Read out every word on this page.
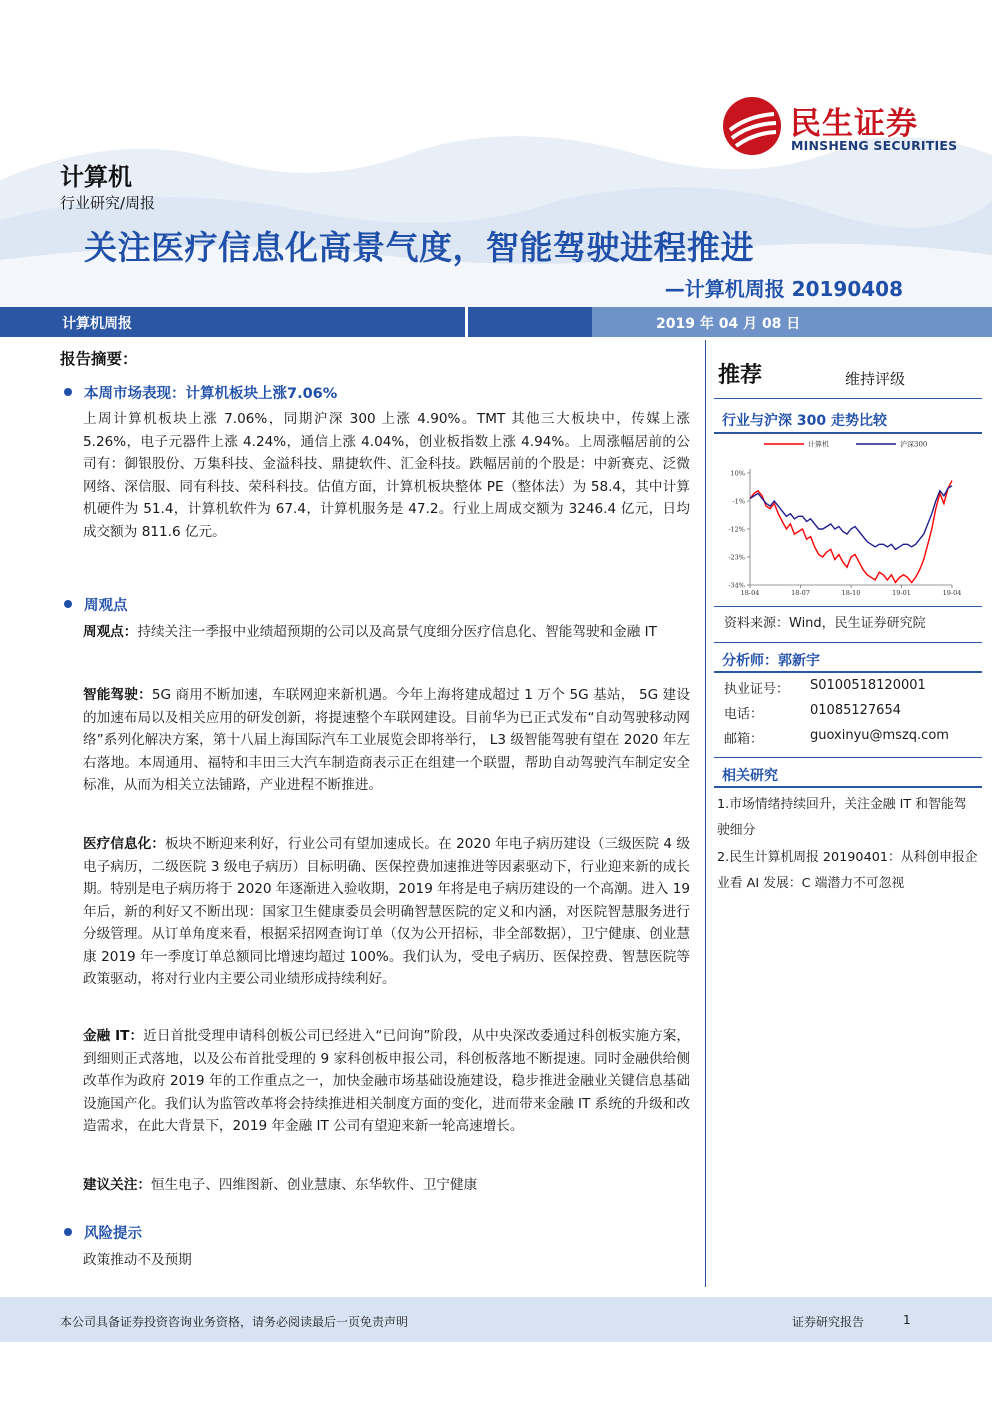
民生证券
MINSHENG SECURITIES
计算机
行业研究/周报
关注医疗信息化高景气度，智能驾驶进程推进
—计算机周报 20190408
计算机周报	2019 年 04 月 08 日
报告摘要：
本周市场表现：计算机板块上涨7.06%
上周计算机板块上涨 7.06%，同期沪深 300 上涨 4.90%。TMT 其他三大板块中，传媒上涨 5.26%，电子元器件上涨 4.24%，通信上涨 4.04%，创业板指数上涨 4.94%。上周涨幅居前的公司有：御银股份、万集科技、金溢科技、鼎捷软件、汇金科技。跌幅居前的个股是：中新赛克、泛微网络、深信服、同有科技、荣科科技。估值方面，计算机板块整体 PE（整体法）为 58.4，其中计算机硬件为 51.4，计算机软件为 67.4，计算机服务是 47.2。行业上周成交额为 3246.4 亿元，日均成交额为 811.6 亿元。
周观点
周观点：持续关注一季报中业绩超预期的公司以及高景气度细分医疗信息化、智能驾驶和金融 IT
智能驾驶：5G 商用不断加速，车联网迎来新机遇。今年上海将建成超过 1 万个 5G 基站， 5G 建设的加速布局以及相关应用的研发创新，将提速整个车联网建设。目前华为已正式发布“自动驾驶移动网络”系列化解决方案，第十八届上海国际汽车工业展览会即将举行， L3 级智能驾驶有望在 2020 年左右落地。本周通用、福特和丰田三大汽车制造商表示正在组建一个联盟，帮助自动驾驶汽车制定安全标准，从而为相关立法铺路，产业进程不断推进。
医疗信息化：板块不断迎来利好，行业公司有望加速成长。在 2020 年电子病历建设（三级医院 4 级电子病历，二级医院 3 级电子病历）目标明确、医保控费加速推进等因素驱动下，行业迎来新的成长期。特别是电子病历将于 2020 年逐渐进入验收期，2019 年将是电子病历建设的一个高潮。进入 19 年后，新的利好又不断出现：国家卫生健康委员会明确智慧医院的定义和内涵，对医院智慧服务进行分级管理。从订单角度来看，根据采招网查询订单（仅为公开招标，非全部数据），卫宁健康、创业慧康 2019 年一季度订单总额同比增速均超过 100%。我们认为，受电子病历、医保控费、智慧医院等政策驱动，将对行业内主要公司业绩形成持续利好。
金融 IT：近日首批受理申请科创板公司已经进入“已问询”阶段，从中央深改委通过科创板实施方案，到细则正式落地，以及公布首批受理的 9 家科创板申报公司，科创板落地不断提速。同时金融供给侧改革作为政府 2019 年的工作重点之一，加快金融市场基础设施建设，稳步推进金融业关键信息基础设施国产化。我们认为监管改革将会持续推进相关制度方面的变化，进而带来金融 IT 系统的升级和改造需求，在此大背景下，2019 年金融 IT 公司有望迎来新一轮高速增长。
建议关注：恒生电子、四维图新、创业慧康、东华软件、卫宁健康
风险提示
政策推动不及预期
推荐	维持评级
行业与沪深 300 走势比较
计算机	沪深300
10%
-1%
-12%
-23%
-34%
18-04	18-07	18-10	19-01	19-04
资料来源：Wind，民生证券研究院
分析师：郭新宇
执业证号： S0100518120001
电话：	01085127654
邮箱：	guoxinyu@mszq.com
相关研究
1.市场情绪持续回升，关注金融 IT 和智能驾驶细分
2.民生计算机周报 20190401：从科创申报企业看 AI 发展：C 端潜力不可忽视
本公司具备证券投资咨询业务资格，请务必阅读最后一页免责声明	证券研究报告	1
